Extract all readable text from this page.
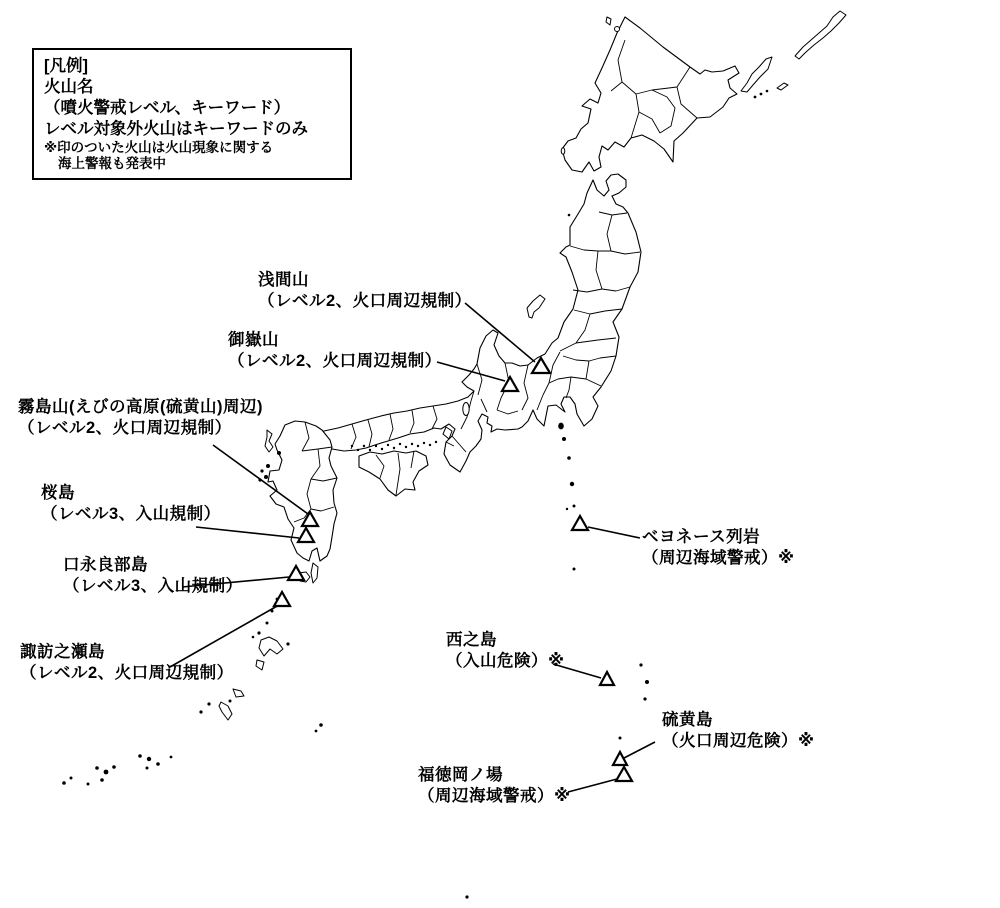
[凡例]
火山名
（噴火警戒レベル、キーワード）
レベル対象外火山はキーワードのみ
※印のついた火山は火山現象に関する
海上警報も発表中
浅間山
（レベル2、火口周辺規制）
御嶽山
（レベル2、火口周辺規制）
霧島山(えびの高原(硫黄山)周辺)
（レベル2、火口周辺規制）
桜島
（レベル3、入山規制）
口永良部島
（レベル3、入山規制）
諏訪之瀬島
（レベル2、火口周辺規制）
ベヨネース列岩
（周辺海域警戒）※
西之島
（入山危険）※
硫黄島
（火口周辺危険）※
福徳岡ノ場
（周辺海域警戒）※
